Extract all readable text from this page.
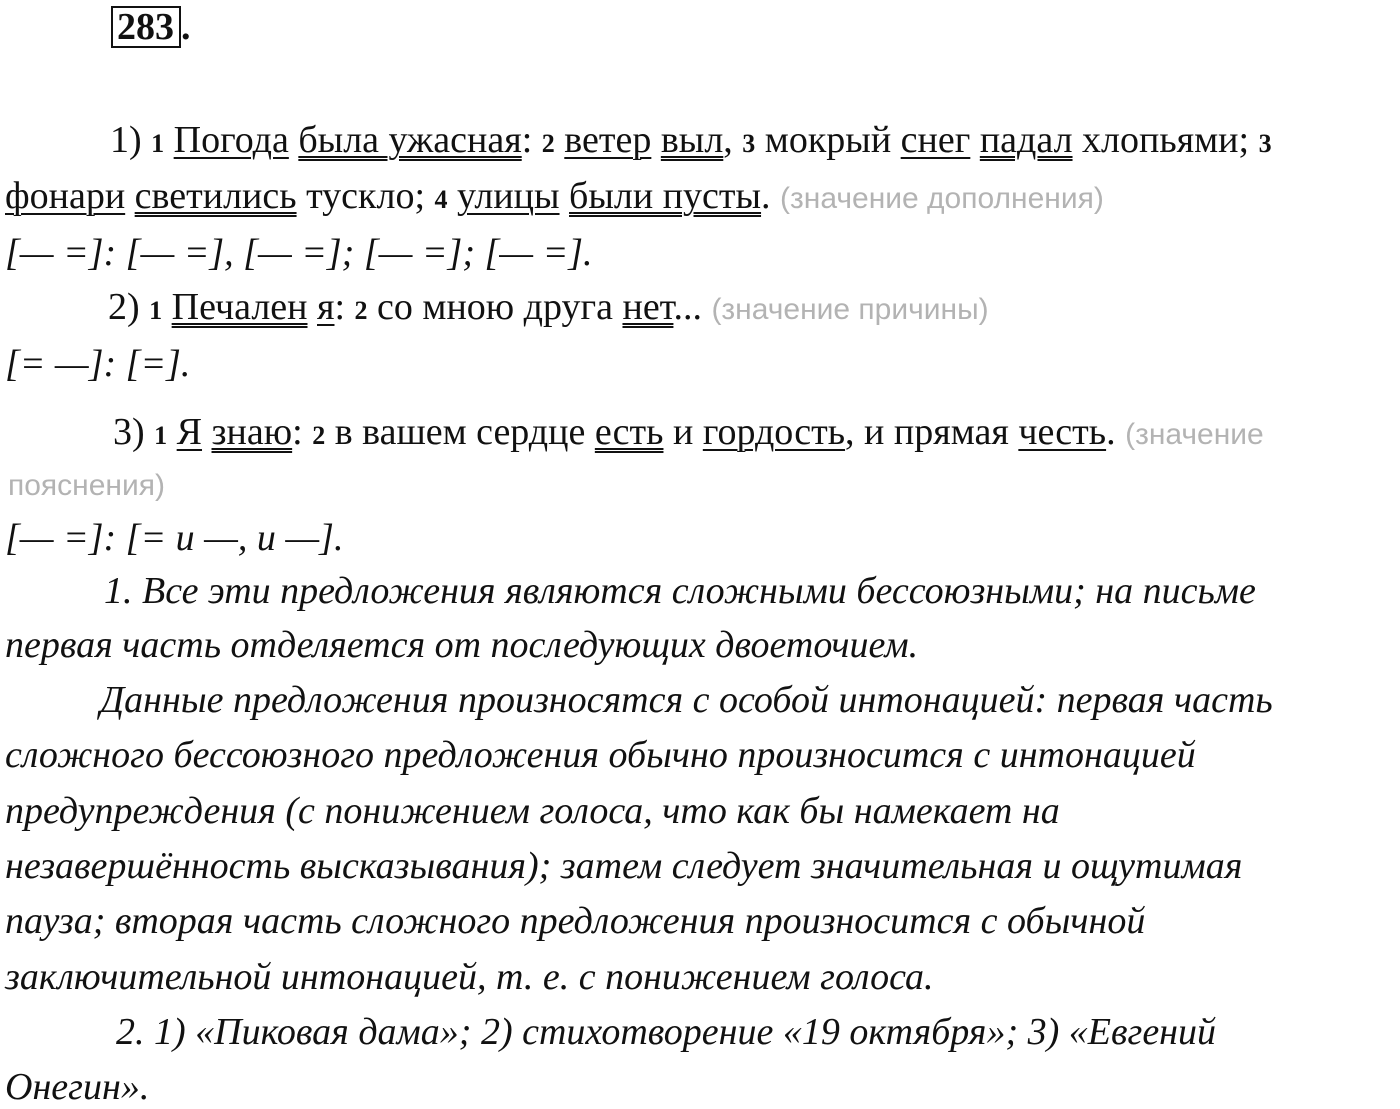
283 .
1) 1 Погода была ужасная: 2 ветер выл, 3 мокрый снег падал хлопьями; 3
фонари светились тускло; 4 улицы были пусты. (значение дополнения)
[— =]: [— =], [— =]; [— =]; [— =].
2) 1 Печален я: 2 со мною друга нет... (значение причины)
[= —]: [=].
3) 1 Я знаю: 2 в вашем сердце есть и гордость, и прямая честь. (значение
пояснения)
[— =]: [= и —, и —].
1. Все эти предложения являются сложными бессоюзными; на письме
первая часть отделяется от последующих двоеточием.
Данные предложения произносятся с особой интонацией: первая часть
сложного бессоюзного предложения обычно произносится с интонацией
предупреждения (с понижением голоса, что как бы намекает на
незавершённость высказывания); затем следует значительная и ощутимая
пауза; вторая часть сложного предложения произносится с обычной
заключительной интонацией, т. е. с понижением голоса.
2. 1) «Пиковая дама»; 2) стихотворение «19 октября»; 3) «Евгений
Онегин».
